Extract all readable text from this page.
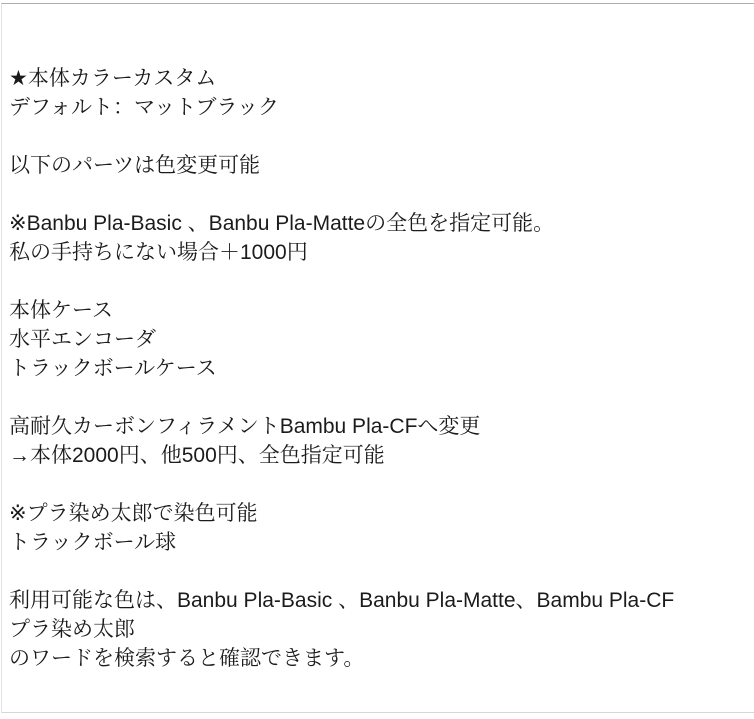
★本体カラーカスタム
デフォルト：マットブラック

以下のパーツは色変更可能

※Banbu Pla-Basic 、Banbu Pla-Matteの全色を指定可能。
私の手持ちにない場合＋1000円

本体ケース
水平エンコーダ
トラックボールケース

高耐久カーボンフィラメントBambu Pla-CFへ変更
→本体2000円、他500円、全色指定可能

※プラ染め太郎で染色可能
トラックボール球

利用可能な色は、Banbu Pla-Basic 、Banbu Pla-Matte、Bambu Pla-CF
プラ染め太郎
のワードを検索すると確認できます。
